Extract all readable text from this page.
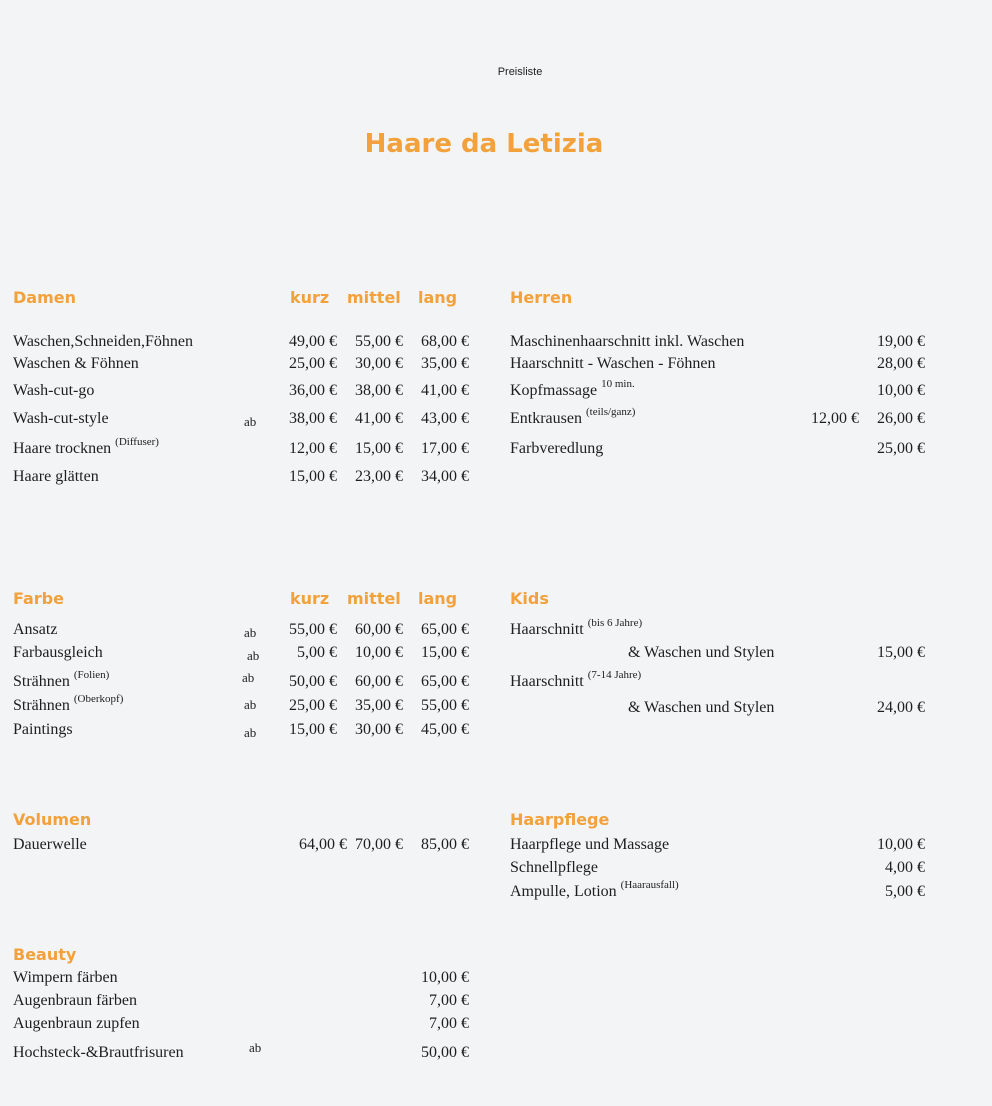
Preisliste
Haare da Letizia
Damen	kurz mittel lang
Waschen,Schneiden,Föhnen	49,00 € 55,00 € 68,00 €
Waschen & Föhnen	25,00 € 30,00 € 35,00 €
Wash-cut-go	36,00 € 38,00 € 41,00 €
Wash-cut-style	ab 38,00 € 41,00 € 43,00 €
Haare trocknen $^{(Diffuser)}$	12,00 € 15,00 € 17,00 €
Haare glätten	15,00 € 23,00 € 34,00 €
Herren
Maschinenhaarschnitt inkl. Waschen	19,00 €
Haarschnitt - Waschen - Föhnen	28,00 €
Kopfmassage $^{10 min.}$	10,00 €
Entkrausen $^{(teils/ganz)}$	12,00 € 26,00 €
Farbveredlung	25,00 €
Farbe	kurz mittel lang
Ansatz	ab 55,00 € 60,00 € 65,00 €
Farbausgleich	ab 5,00 € 10,00 € 15,00 €
Strähnen $^{(Folien)}$	ab 50,00 € 60,00 € 65,00 €
Strähnen $^{(Oberkopf)}$	ab 25,00 € 35,00 € 55,00 €
Paintings	ab 15,00 € 30,00 € 45,00 €
Kids
Haarschnitt $^{(bis 6 Jahre)}$
& Waschen und Stylen	15,00 €
Haarschnitt $^{(7-14 Jahre)}$
& Waschen und Stylen	24,00 €
Volumen
Dauerwelle	64,00 € 70,00 € 85,00 €
Haarpflege
Haarpflege und Massage	10,00 €
Schnellpflege	4,00 €
Ampulle, Lotion $^{(Haarausfall)}$	5,00 €
Beauty
Wimpern färben	10,00 €
Augenbraun färben	7,00 €
Augenbraun zupfen	7,00 €
Hochsteck-&Brautfrisuren	ab	50,00 €
